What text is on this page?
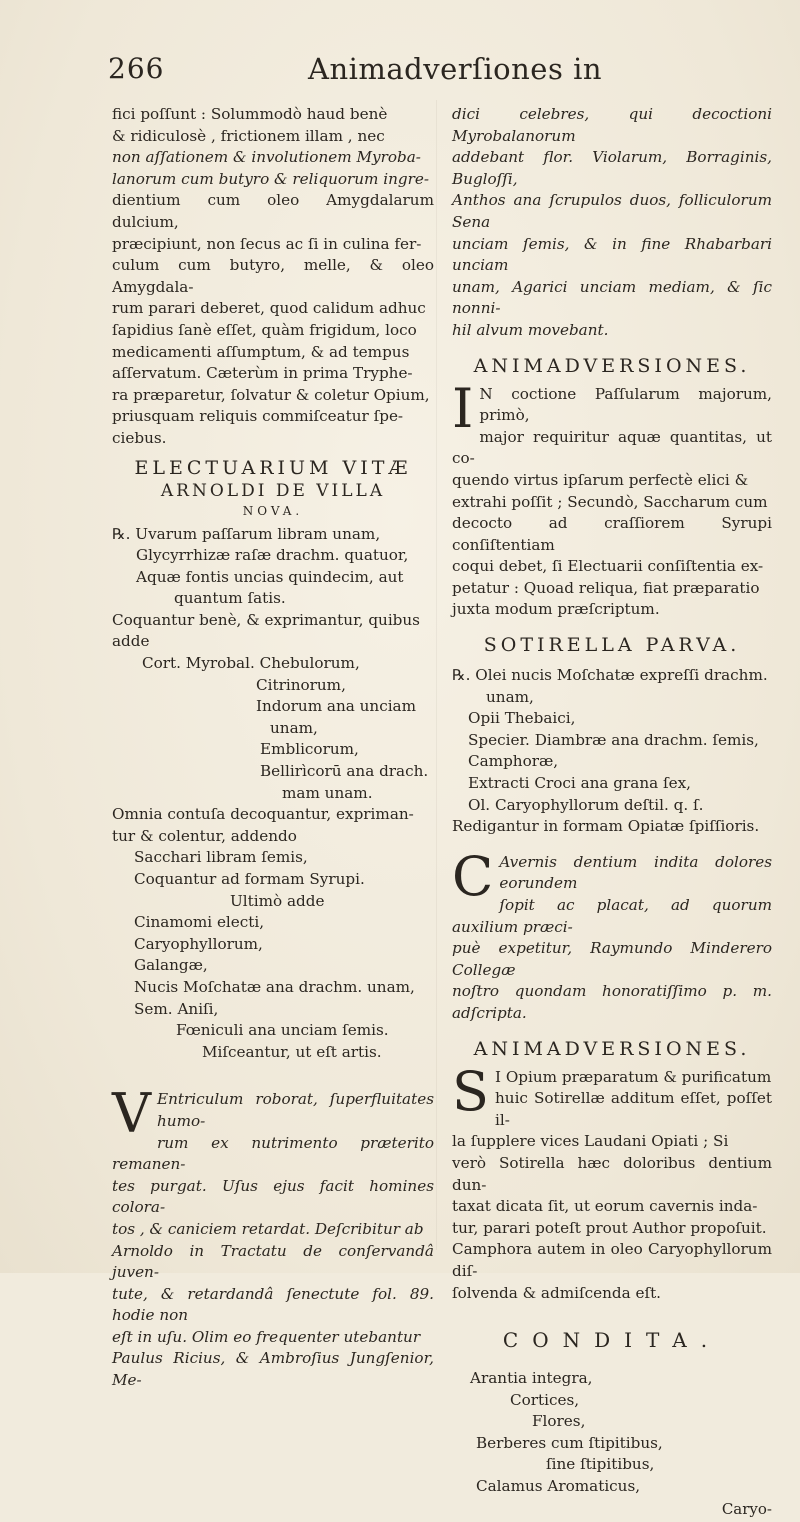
266	Animadverſiones in

fici poſſunt : Solummodò haud benè

& ridiculosè , frictionem illam , nec

non aſſationem & involutionem Myroba-

lanorum cum butyro & reliquorum ingre-

dientium cum oleo Amygdalarum dulcium,

præcipiunt, non ſecus ac ſi in culina fer-

culum cum butyro, melle, & oleo Amygdala-

rum parari deberet, quod calidum adhuc

ſapidius ſanè eſſet, quàm frigidum, loco

medicamenti aſſumptum, & ad tempus

aſſervatum. Cæterùm in prima Tryphe-

ra præparetur, ſolvatur & coletur Opium,

priusquam reliquis commiſceatur ſpe-

ciebus.

ELECTUARIUM VITÆ

ARNOLDI DE VILLA

NOVA.

℞. Uvarum paſſarum libram unam,

Glycyrrhizæ raſæ drachm. quatuor,

Aquæ fontis uncias quindecim, aut

quantum ſatis.

Coquantur benè, & exprimantur, quibus

adde

Cort. Myrobal. Chebulorum,

Citrinorum,

Indorum ana unciam

unam,

Emblicorum,

Bellirìcorū ana drach.

mam unam.

Omnia contuſa decoquantur, expriman-

tur & colentur, addendo

Sacchari libram ſemis,

Coquantur ad formam Syrupi.

Ultimò adde

Cinamomi electi,

Caryophyllorum,

Galangæ,

Nucis Moſchatæ ana drachm. unam,

Sem. Aniſi,

Fœniculi ana unciam ſemis.

Miſceantur, ut eſt artis.

V Entriculum roborat, ſuperfluitates humo-

rum ex nutrimento præterito remanen-

tes purgat. Uſus ejus facit homines colora-

tos , & caniciem retardat. Deſcribitur ab

Arnoldo in Tractatu de conſervandâ juven-

tute, & retardandâ ſenectute fol. 89. hodie non

eſt in uſu. Olim eo frequenter utebantur

Paulus Ricius, & Ambroſius Jungſenior, Me-

dici celebres, qui decoctioni Myrobalanorum

addebant flor. Violarum, Borraginis, Bugloſſi,

Anthos ana ſcrupulos duos, folliculorum Sena

unciam ſemis, & in fine Rhabarbari unciam

unam, Agarici unciam mediam, & ſic nonni-

hil alvum movebant.

ANIMADVERSIONES.

I N coctione Paſſularum majorum, primò,

major requiritur aquæ quantitas, ut co-

quendo virtus ipſarum perfectè elici &

extrahi poſſit ; Secundò, Saccharum cum

decocto ad craſſiorem Syrupi conſiſtentiam

coqui debet, ſi Electuarii conſiſtentia ex-

petatur : Quoad reliqua, fiat præparatio

juxta modum præſcriptum.

SOTIRELLA PARVA.

℞. Olei nucis Moſchatæ expreſſi drachm.

unam,

Opii Thebaici,

Specier. Diambræ ana drachm. ſemis,

Camphoræ,

Extracti Croci ana grana ſex,

Ol. Caryophyllorum deſtil. q. ſ.

Redigantur in formam Opiatæ ſpiſſioris.

C Avernis dentium indita dolores eorundem

ſopit ac placat, ad quorum auxilium præci-

puè expetitur, Raymundo Minderero Collegæ

noſtro quondam honoratiſſimo p. m. adſcripta.

ANIMADVERSIONES.

S I Opium præparatum & purificatum

huic Sotirellæ additum eſſet, poſſet il-

la ſupplere vices Laudani Opiati ; Si

verò Sotirella hæc doloribus dentium dun-

taxat dicata ſit, ut eorum cavernis inda-

tur, parari poteſt prout Author propoſuit.

Camphora autem in oleo Caryophyllorum diſ-

ſolvenda & admiſcenda eſt.

CONDITA.

Arantia integra,

Cortices,

Flores,

Berberes cum ſtipitibus,

ſine ſtipitibus,

Calamus Aromaticus,

Caryo-
